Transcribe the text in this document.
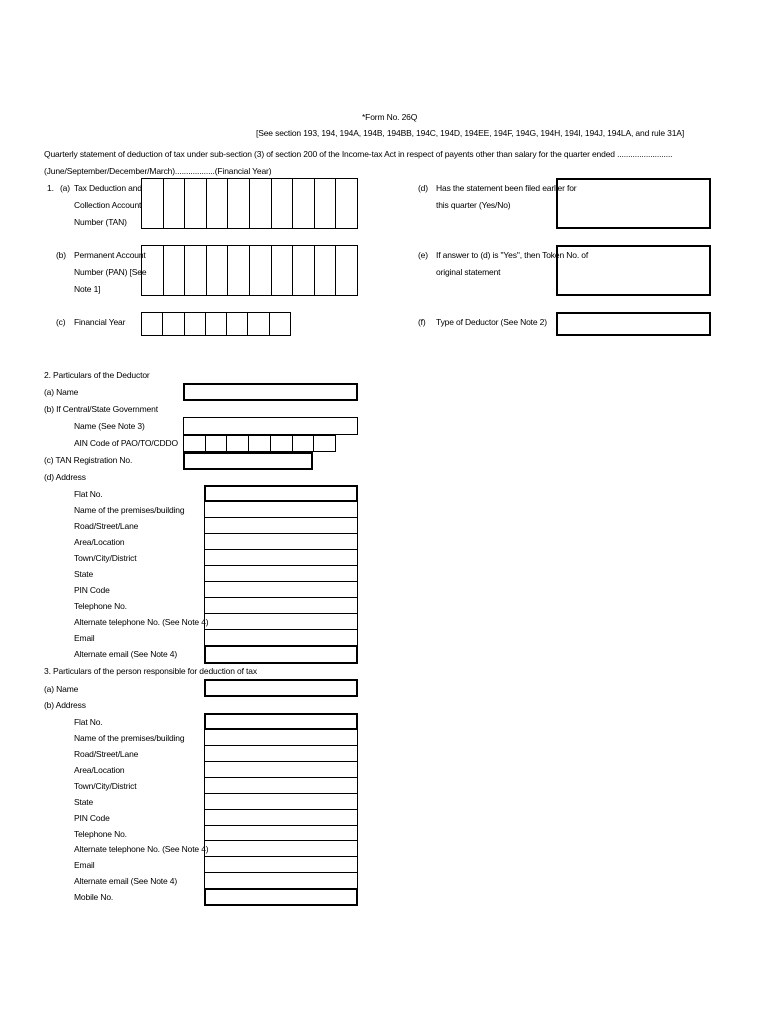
*Form No. 26Q
[See section 193, 194, 194A, 194B, 194BB, 194C, 194D, 194EE, 194F, 194G, 194H, 194I, 194J, 194LA, and rule 31A]
Quarterly statement of deduction of tax under sub-section (3) of section 200 of the Income-tax Act in respect of payents other than salary for the quarter ended .........................
(June/September/December/March)..................(Financial Year)
1. (a) Tax Deduction and
Collection Account
Number (TAN)
(b) Permanent Account
Number (PAN) [See
Note 1]
(c) Financial Year
(d) Has the statement been filed earlier for
this quarter (Yes/No)
(e) If answer to (d) is "Yes", then Token No. of
original statement
(f) Type of Deductor (See Note 2)
2. Particulars of the Deductor
(a) Name
(b) If Central/State Government
Name (See Note 3)
AIN Code of PAO/TO/CDDO
(c) TAN Registration No.
(d) Address
Flat No.
Name of the premises/building
Road/Street/Lane
Area/Location
Town/City/District
State
PIN Code
Telephone No.
Alternate telephone No. (See Note 4)
Email
Alternate email (See Note 4)
3. Particulars of the person responsible for deduction of tax
(a) Name
(b) Address
Flat No.
Name of the premises/building
Road/Street/Lane
Area/Location
Town/City/District
State
PIN Code
Telephone No.
Alternate telephone No. (See Note 4)
Email
Alternate email (See Note 4)
Mobile No.
